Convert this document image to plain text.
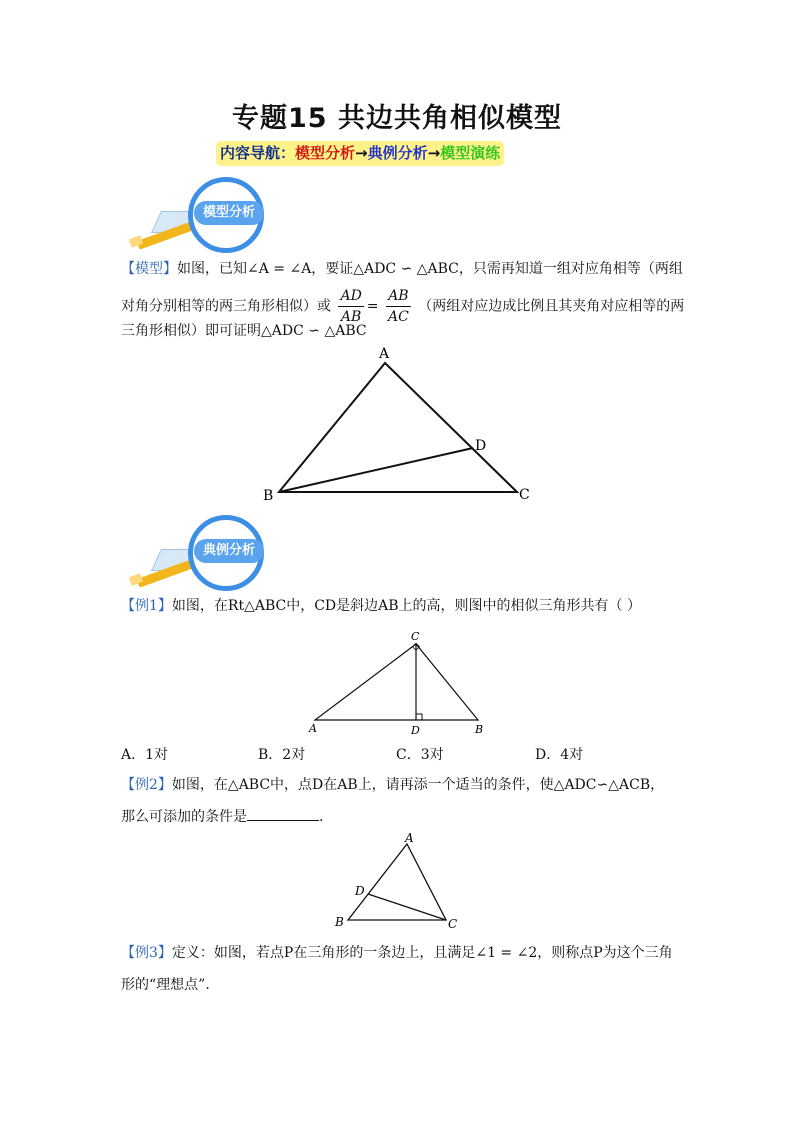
专题15 共边共角相似模型
内容导航：模型分析→典例分析→模型演练
模型分析
【模型】如图，已知∠A = ∠A，要证△ADC ∽ △ABC，只需再知道一组对应角相等（两组
对角分别相等的两三角形相似）或 $\frac{AD}{AB} = \frac{AB}{AC}$ （两组对应边成比例且其夹角对应相等的两
三角形相似）即可证明△ADC ∽ △ABC
A
B	C
D
典例分析
【例1】如图，在Rt△ABC中，CD是斜边AB上的高，则图中的相似三角形共有（ ）
C
A	D	B
A．1对	B．2对	C．3对	D．4对
【例2】如图，在△ABC中，点D在AB上，请再添一个适当的条件，使△ADC∽△ACB，
那么可添加的条件是	.
A
D
B	C
【例3】定义：如图，若点P在三角形的一条边上，且满足∠1 = ∠2，则称点P为这个三角
形的“理想点”.
